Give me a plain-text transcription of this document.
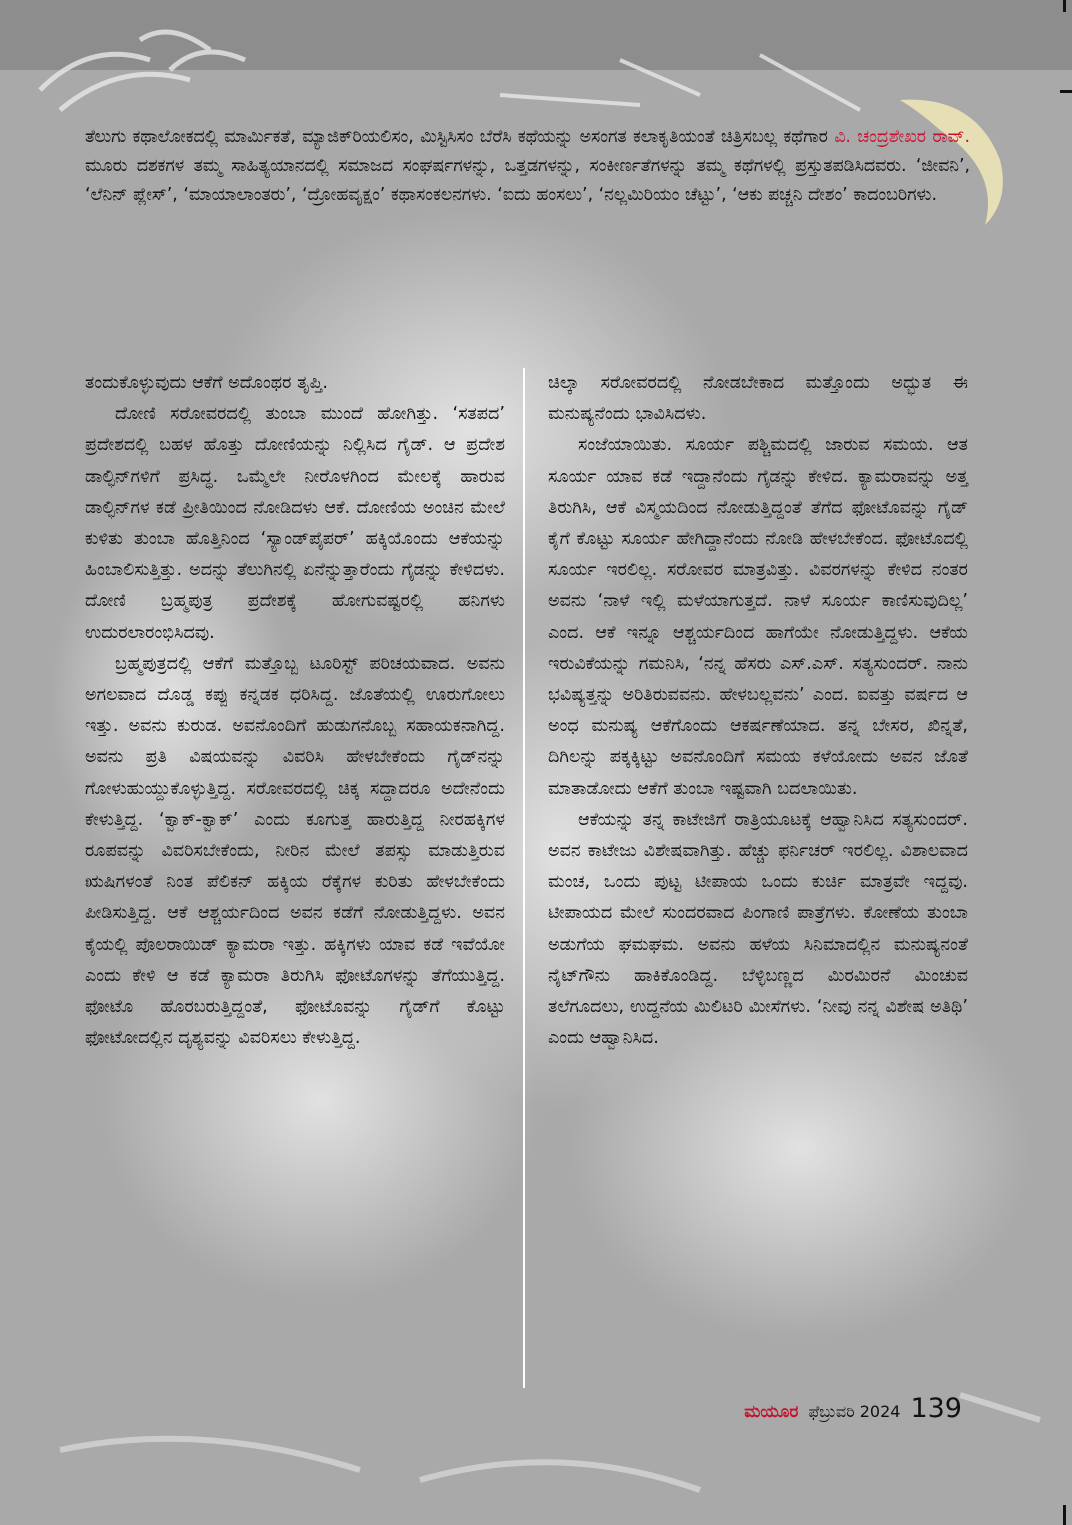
ತೆಲುಗು ಕಥಾಲೋಕದಲ್ಲಿ ಮಾರ್ಮಿಕತೆ, ಮ್ಯಾಜಿಕ್‌ರಿಯಲಿಸಂ, ಮಿಸ್ಟಿಸಿಸಂ ಬೆರೆಸಿ ಕಥೆಯನ್ನು ಅಸಂಗತ ಕಲಾಕೃತಿಯಂತೆ ಚಿತ್ರಿಸಬಲ್ಲ ಕಥೆಗಾರ ವಿ. ಚಂದ್ರಶೇಖರ ರಾವ್. ಮೂರು ದಶಕಗಳ ತಮ್ಮ ಸಾಹಿತ್ಯಯಾನದಲ್ಲಿ ಸಮಾಜದ ಸಂಘರ್ಷಗಳನ್ನು, ಒತ್ತಡಗಳನ್ನು, ಸಂಕೀರ್ಣತೆಗಳನ್ನು ತಮ್ಮ ಕಥೆಗಳಲ್ಲಿ ಪ್ರಸ್ತುತಪಡಿಸಿದವರು. ‘ಜೀವನಿ’, ‘ಲೆನಿನ್ ಪ್ಲೇಸ್’, ‘ಮಾಯಾಲಾಂತರು’, ‘ದ್ರೋಹವೃಕ್ಷಂ’ ಕಥಾಸಂಕಲನಗಳು. ‘ಐದು ಹಂಸಲು’, ‘ನಲ್ಲಮಿರಿಯಂ ಚೆಟ್ಟು’, ‘ಆಕು ಪಚ್ಚನಿ ದೇಶಂ’ ಕಾದಂಬರಿಗಳು.

ತಂದುಕೊಳ್ಳುವುದು ಆಕೆಗೆ ಅದೊಂಥರ ತೃಪ್ತಿ.

ದೋಣಿ ಸರೋವರದಲ್ಲಿ ತುಂಬಾ ಮುಂದೆ ಹೋಗಿತ್ತು. ‘ಸತಪದ’ ಪ್ರದೇಶದಲ್ಲಿ ಬಹಳ ಹೊತ್ತು ದೋಣಿಯನ್ನು ನಿಲ್ಲಿಸಿದ ಗೈಡ್. ಆ ಪ್ರದೇಶ ಡಾಲ್ಫಿನ್‌ಗಳಿಗೆ ಪ್ರಸಿದ್ಧ. ಒಮ್ಮೆಲೇ ನೀರೊಳಗಿಂದ ಮೇಲಕ್ಕೆ ಹಾರುವ ಡಾಲ್ಫಿನ್‌ಗಳ ಕಡೆ ಪ್ರೀತಿಯಿಂದ ನೋಡಿದಳು ಆಕೆ. ದೋಣಿಯ ಅಂಚಿನ ಮೇಲೆ ಕುಳಿತು ತುಂಬಾ ಹೊತ್ತಿನಿಂದ ‘ಸ್ಯಾಂಡ್‌ಪೈಪರ್’ ಹಕ್ಕಿಯೊಂದು ಆಕೆಯನ್ನು ಹಿಂಬಾಲಿಸುತ್ತಿತ್ತು. ಅದನ್ನು ತೆಲುಗಿನಲ್ಲಿ ಏನೆನ್ನುತ್ತಾರೆಂದು ಗೈಡನ್ನು ಕೇಳಿದಳು. ದೋಣಿ ಬ್ರಹ್ಮಪುತ್ರ ಪ್ರದೇಶಕ್ಕೆ ಹೋಗುವಷ್ಟರಲ್ಲಿ ಹನಿಗಳು ಉದುರಲಾರಂಭಿಸಿದವು.

ಬ್ರಹ್ಮಪುತ್ರದಲ್ಲಿ ಆಕೆಗೆ ಮತ್ತೊಬ್ಬ ಟೂರಿಸ್ಟ್ ಪರಿಚಯವಾದ. ಅವನು ಅಗಲವಾದ ದೊಡ್ಡ ಕಪ್ಪು ಕನ್ನಡಕ ಧರಿಸಿದ್ದ. ಜೊತೆಯಲ್ಲಿ ಊರುಗೋಲು ಇತ್ತು. ಅವನು ಕುರುಡ. ಅವನೊಂದಿಗೆ ಹುಡುಗನೊಬ್ಬ ಸಹಾಯಕನಾಗಿದ್ದ. ಅವನು ಪ್ರತಿ ವಿಷಯವನ್ನು ವಿವರಿಸಿ ಹೇಳಬೇಕೆಂದು ಗೈಡ್‌ನನ್ನು ಗೋಳುಹುಯ್ದುಕೊಳ್ಳುತ್ತಿದ್ದ. ಸರೋವರದಲ್ಲಿ ಚಿಕ್ಕ ಸದ್ದಾದರೂ ಅದೇನೆಂದು ಕೇಳುತ್ತಿದ್ದ. ‘ಕ್ವಾಕ್-ಕ್ವಾಕ್’ ಎಂದು ಕೂಗುತ್ತ ಹಾರುತ್ತಿದ್ದ ನೀರಹಕ್ಕಿಗಳ ರೂಪವನ್ನು ವಿವರಿಸಬೇಕೆಂದು, ನೀರಿನ ಮೇಲೆ ತಪಸ್ಸು ಮಾಡುತ್ತಿರುವ ಋಷಿಗಳಂತೆ ನಿಂತ ಪೆಲಿಕನ್ ಹಕ್ಕಿಯ ರೆಕ್ಕೆಗಳ ಕುರಿತು ಹೇಳಬೇಕೆಂದು ಪೀಡಿಸುತ್ತಿದ್ದ. ಆಕೆ ಆಶ್ಚರ್ಯದಿಂದ ಅವನ ಕಡೆಗೆ ನೋಡುತ್ತಿದ್ದಳು. ಅವನ ಕೈಯಲ್ಲಿ ಪೊಲರಾಯಿಡ್ ಕ್ಯಾಮರಾ ಇತ್ತು. ಹಕ್ಕಿಗಳು ಯಾವ ಕಡೆ ಇವೆಯೋ ಎಂದು ಕೇಳಿ ಆ ಕಡೆ ಕ್ಯಾಮರಾ ತಿರುಗಿಸಿ ಫೋಟೊಗಳನ್ನು ತೆಗೆಯುತ್ತಿದ್ದ. ಫೋಟೊ ಹೊರಬರುತ್ತಿದ್ದಂತೆ, ಫೋಟೊವನ್ನು ಗೈಡ್‌ಗೆ ಕೊಟ್ಟು ಫೋಟೋದಲ್ಲಿನ ದೃಶ್ಯವನ್ನು ವಿವರಿಸಲು ಕೇಳುತ್ತಿದ್ದ.

ಚಿಲ್ಕಾ ಸರೋವರದಲ್ಲಿ ನೋಡಬೇಕಾದ ಮತ್ತೊಂದು ಅದ್ಭುತ ಈ ಮನುಷ್ಯನೆಂದು ಭಾವಿಸಿದಳು.

ಸಂಜೆಯಾಯಿತು. ಸೂರ್ಯ ಪಶ್ಚಿಮದಲ್ಲಿ ಜಾರುವ ಸಮಯ. ಆತ ಸೂರ್ಯ ಯಾವ ಕಡೆ ಇದ್ದಾನೆಂದು ಗೈಡನ್ನು ಕೇಳಿದ. ಕ್ಯಾಮರಾವನ್ನು ಅತ್ತ ತಿರುಗಿಸಿ, ಆಕೆ ವಿಸ್ಮಯದಿಂದ ನೋಡುತ್ತಿದ್ದಂತೆ ತೆಗೆದ ಫೋಟೊವನ್ನು ಗೈಡ್ ಕೈಗೆ ಕೊಟ್ಟು ಸೂರ್ಯ ಹೇಗಿದ್ದಾನೆಂದು ನೋಡಿ ಹೇಳಬೇಕೆಂದ. ಫೋಟೊದಲ್ಲಿ ಸೂರ್ಯ ಇರಲಿಲ್ಲ. ಸರೋವರ ಮಾತ್ರವಿತ್ತು. ವಿವರಗಳನ್ನು ಕೇಳಿದ ನಂತರ ಅವನು ‘ನಾಳೆ ಇಲ್ಲಿ ಮಳೆಯಾಗುತ್ತದೆ. ನಾಳೆ ಸೂರ್ಯ ಕಾಣಿಸುವುದಿಲ್ಲ’ ಎಂದ. ಆಕೆ ಇನ್ನೂ ಆಶ್ಚರ್ಯದಿಂದ ಹಾಗೆಯೇ ನೋಡುತ್ತಿದ್ದಳು. ಆಕೆಯ ಇರುವಿಕೆಯನ್ನು ಗಮನಿಸಿ, ‘ನನ್ನ ಹೆಸರು ಎಸ್.ಎಸ್. ಸತ್ಯಸುಂದರ್. ನಾನು ಭವಿಷ್ಯತ್ತನ್ನು ಅರಿತಿರುವವನು. ಹೇಳಬಲ್ಲವನು’ ಎಂದ. ಐವತ್ತು ವರ್ಷದ ಆ ಅಂಧ ಮನುಷ್ಯ ಆಕೆಗೊಂದು ಆಕರ್ಷಣೆಯಾದ. ತನ್ನ ಬೇಸರ, ಖಿನ್ನತೆ, ದಿಗಿಲನ್ನು ಪಕ್ಕಕ್ಕಿಟ್ಟು ಅವನೊಂದಿಗೆ ಸಮಯ ಕಳೆಯೋದು ಅವನ ಜೊತೆ ಮಾತಾಡೋದು ಆಕೆಗೆ ತುಂಬಾ ಇಷ್ಟವಾಗಿ ಬದಲಾಯಿತು.

ಆಕೆಯನ್ನು ತನ್ನ ಕಾಟೇಜಿಗೆ ರಾತ್ರಿಯೂಟಕ್ಕೆ ಆಹ್ವಾನಿಸಿದ ಸತ್ಯಸುಂದರ್. ಅವನ ಕಾಟೇಜು ವಿಶೇಷವಾಗಿತ್ತು. ಹೆಚ್ಚು ಫರ್ನಿಚರ್ ಇರಲಿಲ್ಲ. ವಿಶಾಲವಾದ ಮಂಚ, ಒಂದು ಪುಟ್ಟ ಟೀಪಾಯ ಒಂದು ಕುರ್ಚಿ ಮಾತ್ರವೇ ಇದ್ದವು. ಟೀಪಾಯದ ಮೇಲೆ ಸುಂದರವಾದ ಪಿಂಗಾಣಿ ಪಾತ್ರೆಗಳು. ಕೋಣೆಯ ತುಂಬಾ ಅಡುಗೆಯ ಘಮಘಮ. ಅವನು ಹಳೆಯ ಸಿನಿಮಾದಲ್ಲಿನ ಮನುಷ್ಯನಂತೆ ನೈಟ್‌ಗೌನು ಹಾಕಿಕೊಂಡಿದ್ದ. ಬೆಳ್ಳಿಬಣ್ಣದ ಮಿರಮಿರನೆ ಮಿಂಚುವ ತಲೆಗೂದಲು, ಉದ್ದನೆಯ ಮಿಲಿಟರಿ ಮೀಸೆಗಳು. ‘ನೀವು ನನ್ನ ವಿಶೇಷ ಅತಿಥಿ’ ಎಂದು ಆಹ್ವಾನಿಸಿದ.

ಮಯೂರ ಫೆಬ್ರುವರಿ 2024 139
